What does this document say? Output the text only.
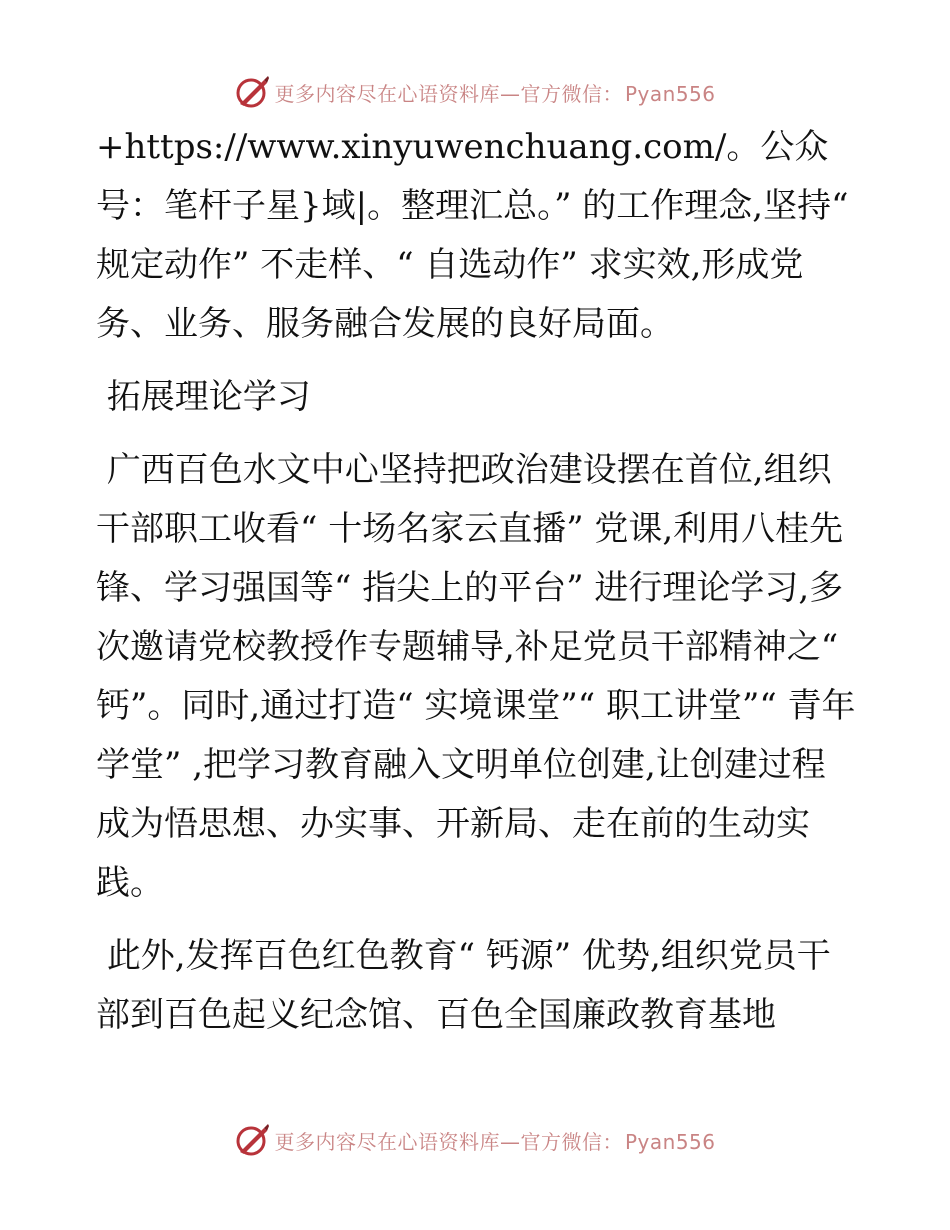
更多内容尽在心语资料库—官方微信： Pyan556

+https://www.xinyuwenchuang.com/。公众号：笔杆子星}域|。整理汇总。” 的工作理念,坚持“ 规定动作” 不走样、“ 自选动作” 求实效,形成党务、业务、服务融合发展的良好局面。

拓展理论学习

广西百色水文中心坚持把政治建设摆在首位,组织干部职工收看“ 十场名家云直播” 党课,利用八桂先锋、学习强国等“ 指尖上的平台” 进行理论学习,多次邀请党校教授作专题辅导,补足党员干部精神之“ 钙”。同时,通过打造“ 实境课堂”“ 职工讲堂”“ 青年学堂” ,把学习教育融入文明单位创建,让创建过程成为悟思想、办实事、开新局、走在前的生动实践。

此外,发挥百色红色教育“ 钙源” 优势,组织党员干部到百色起义纪念馆、百色全国廉政教育基地

更多内容尽在心语资料库—官方微信： Pyan556
